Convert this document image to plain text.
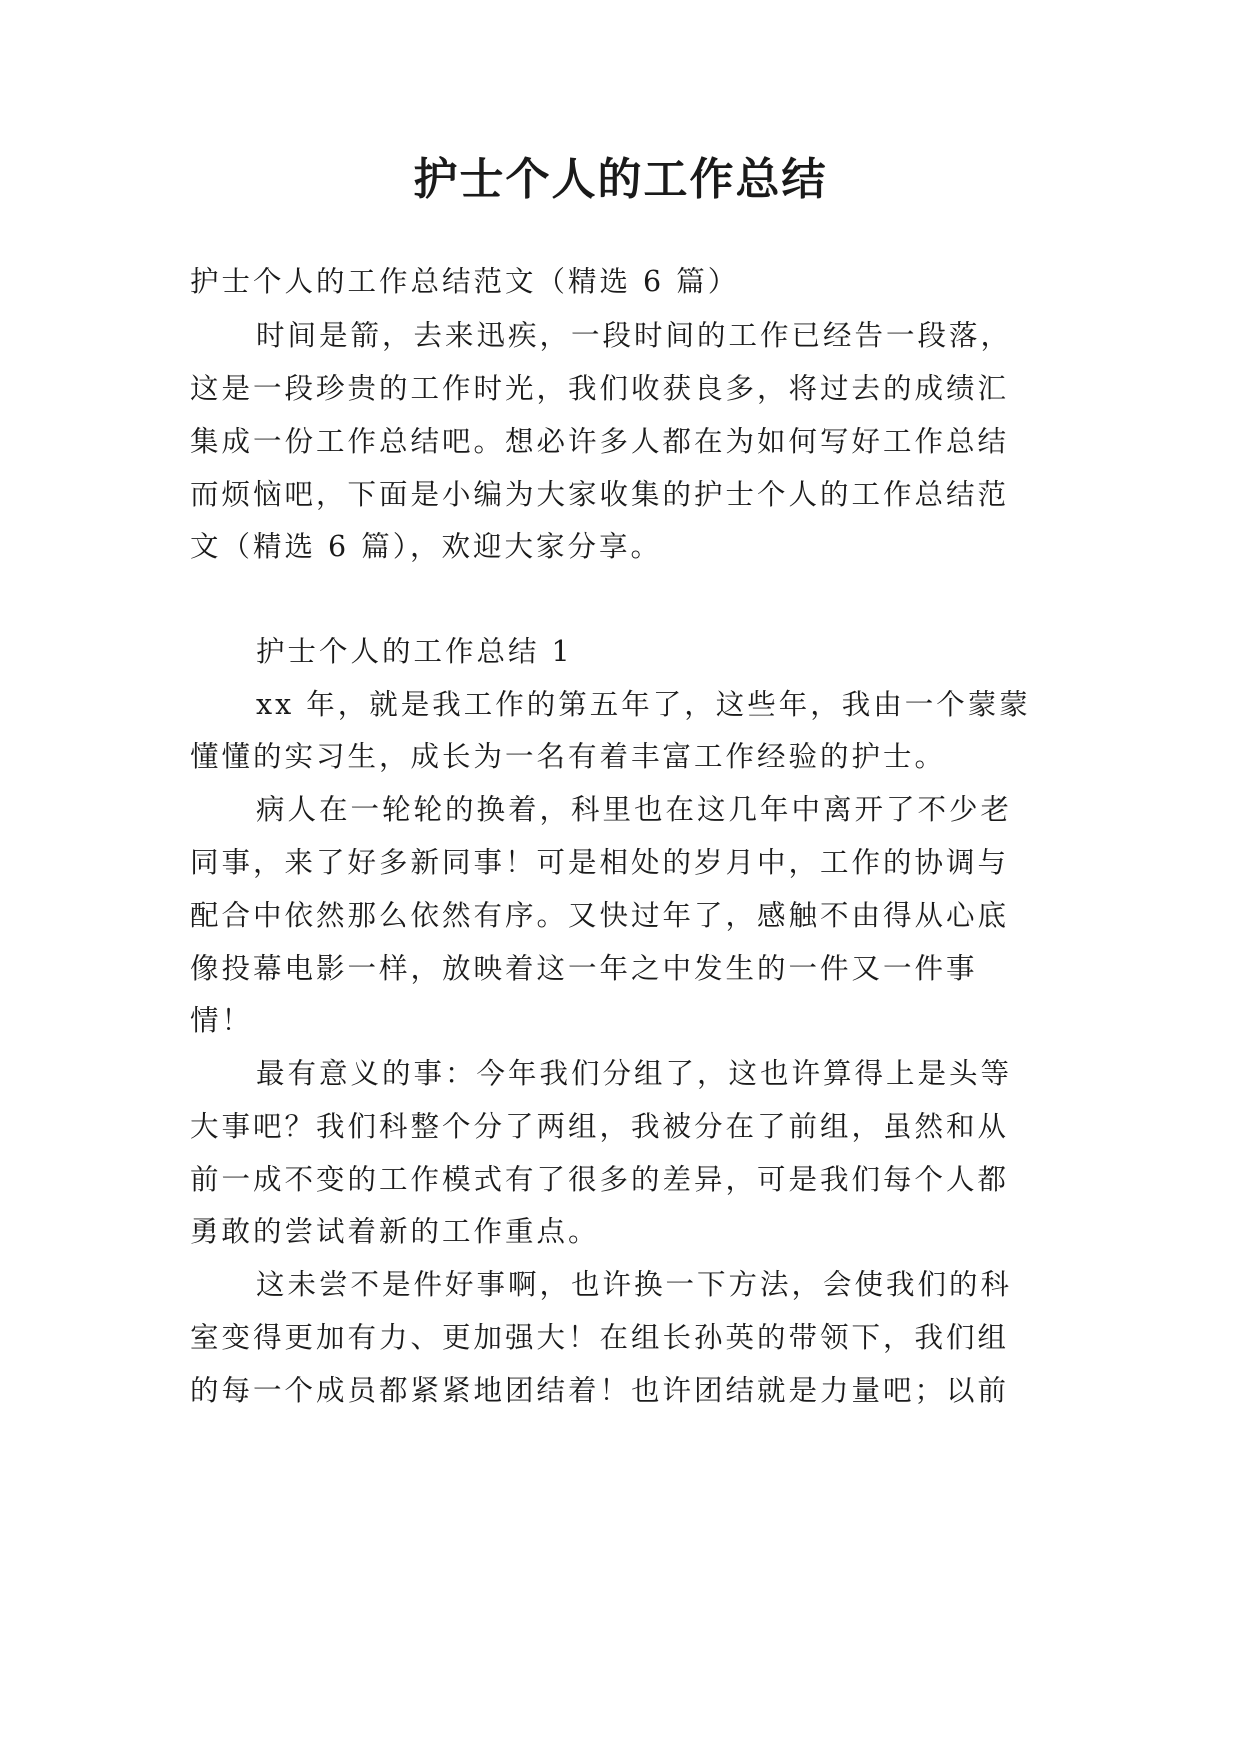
护士个人的工作总结

护士个人的工作总结范文（精选 6 篇）

时间是箭，去来迅疾，一段时间的工作已经告一段落，

这是一段珍贵的工作时光，我们收获良多，将过去的成绩汇

集成一份工作总结吧。想必许多人都在为如何写好工作总结

而烦恼吧，下面是小编为大家收集的护士个人的工作总结范

文（精选 6 篇），欢迎大家分享。

护士个人的工作总结 1

xx 年，就是我工作的第五年了，这些年，我由一个蒙蒙

懂懂的实习生，成长为一名有着丰富工作经验的护士。

病人在一轮轮的换着，科里也在这几年中离开了不少老

同事，来了好多新同事！可是相处的岁月中，工作的协调与

配合中依然那么依然有序。又快过年了，感触不由得从心底

像投幕电影一样，放映着这一年之中发生的一件又一件事

情！

最有意义的事：今年我们分组了，这也许算得上是头等

大事吧？我们科整个分了两组，我被分在了前组，虽然和从

前一成不变的工作模式有了很多的差异，可是我们每个人都

勇敢的尝试着新的工作重点。

这未尝不是件好事啊，也许换一下方法，会使我们的科

室变得更加有力、更加强大！在组长孙英的带领下，我们组

的每一个成员都紧紧地团结着！也许团结就是力量吧；以前
